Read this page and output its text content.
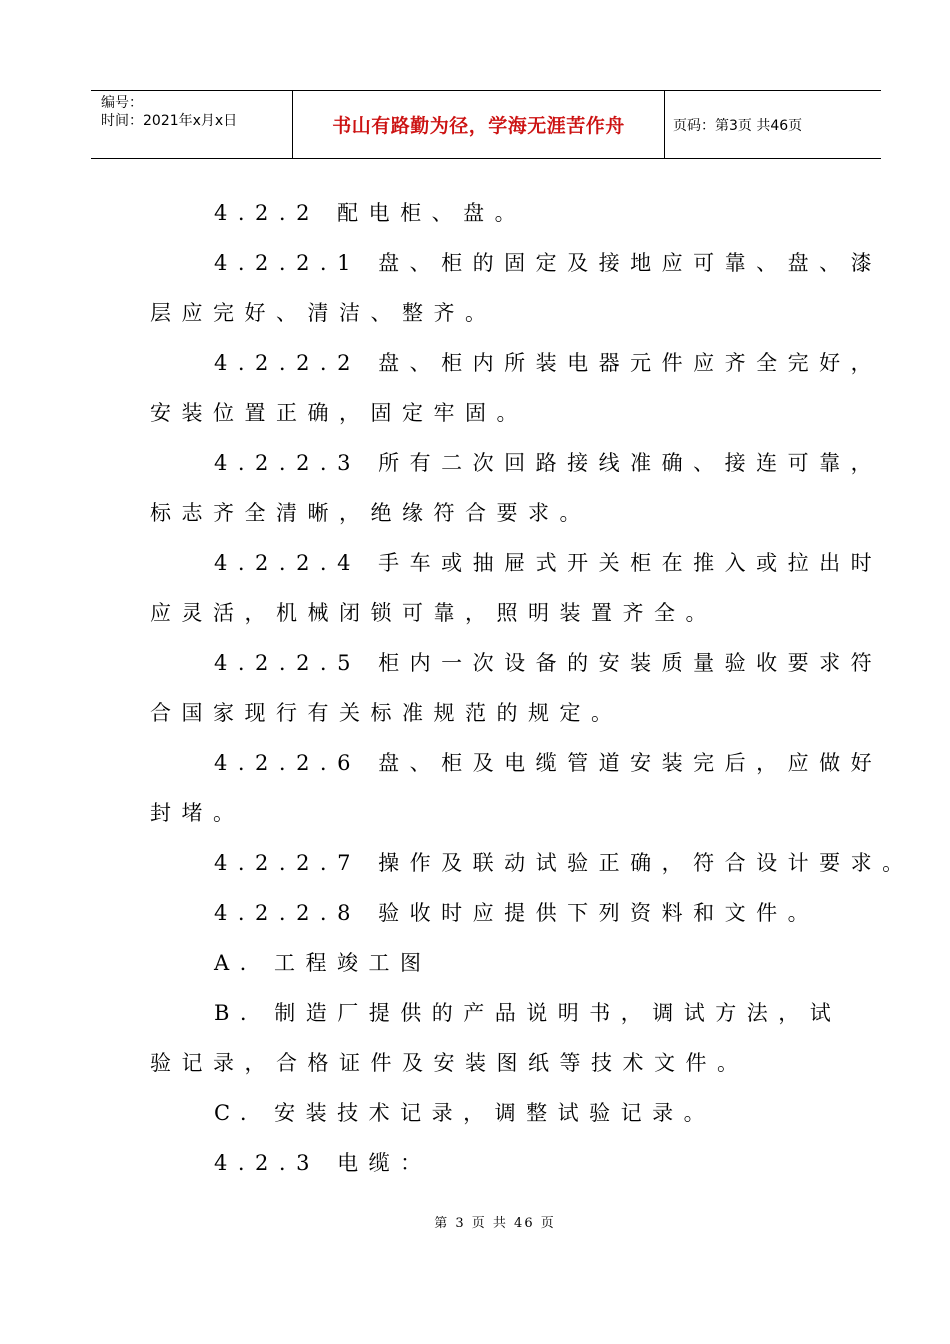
编号：
时间：2021年x月x日	书山有路勤为径，学海无涯苦作舟	页码：第3页 共46页
4.2.2 配电柜、盘。
4.2.2.1 盘、柜的固定及接地应可靠、盘、漆
层应完好、清洁、整齐。
4.2.2.2 盘、柜内所装电器元件应齐全完好，
安装位置正确，固定牢固。
4.2.2.3 所有二次回路接线准确、接连可靠，
标志齐全清晰，绝缘符合要求。
4.2.2.4 手车或抽屉式开关柜在推入或拉出时
应灵活，机械闭锁可靠，照明装置齐全。
4.2.2.5 柜内一次设备的安装质量验收要求符
合国家现行有关标准规范的规定。
4.2.2.6 盘、柜及电缆管道安装完后，应做好
封堵。
4.2.2.7 操作及联动试验正确，符合设计要求。
4.2.2.8 验收时应提供下列资料和文件。
A. 工程竣工图
B. 制造厂提供的产品说明书，调试方法，试
验记录，合格证件及安装图纸等技术文件。
C. 安装技术记录，调整试验记录。
4.2.3 电缆：
第 3 页 共 46 页
